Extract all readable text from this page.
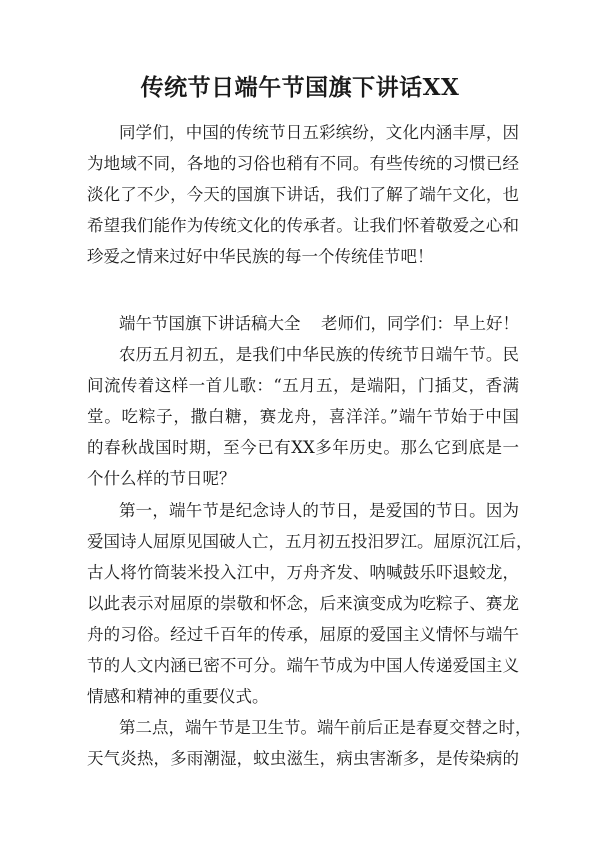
传统节日端午节国旗下讲话XX
同学们，中国的传统节日五彩缤纷，文化内涵丰厚，因
为地域不同，各地的习俗也稍有不同。有些传统的习惯已经
淡化了不少，今天的国旗下讲话，我们了解了端午文化，也
希望我们能作为传统文化的传承者。让我们怀着敬爱之心和
珍爱之情来过好中华民族的每一个传统佳节吧！
端午节国旗下讲话稿大全 老师们，同学们：早上好！
农历五月初五，是我们中华民族的传统节日端午节。民
间流传着这样一首儿歌：“五月五，是端阳，门插艾，香满
堂。吃粽子，撒白糖，赛龙舟，喜洋洋。”端午节始于中国
的春秋战国时期，至今已有XX多年历史。那么它到底是一
个什么样的节日呢？
第一，端午节是纪念诗人的节日，是爱国的节日。因为
爱国诗人屈原见国破人亡，五月初五投汨罗江。屈原沉江后，
古人将竹筒装米投入江中，万舟齐发、呐喊鼓乐吓退蛟龙，
以此表示对屈原的崇敬和怀念，后来演变成为吃粽子、赛龙
舟的习俗。经过千百年的传承，屈原的爱国主义情怀与端午
节的人文内涵已密不可分。端午节成为中国人传递爱国主义
情感和精神的重要仪式。
第二点，端午节是卫生节。端午前后正是春夏交替之时，
天气炎热，多雨潮湿，蚊虫滋生，病虫害渐多，是传染病的
